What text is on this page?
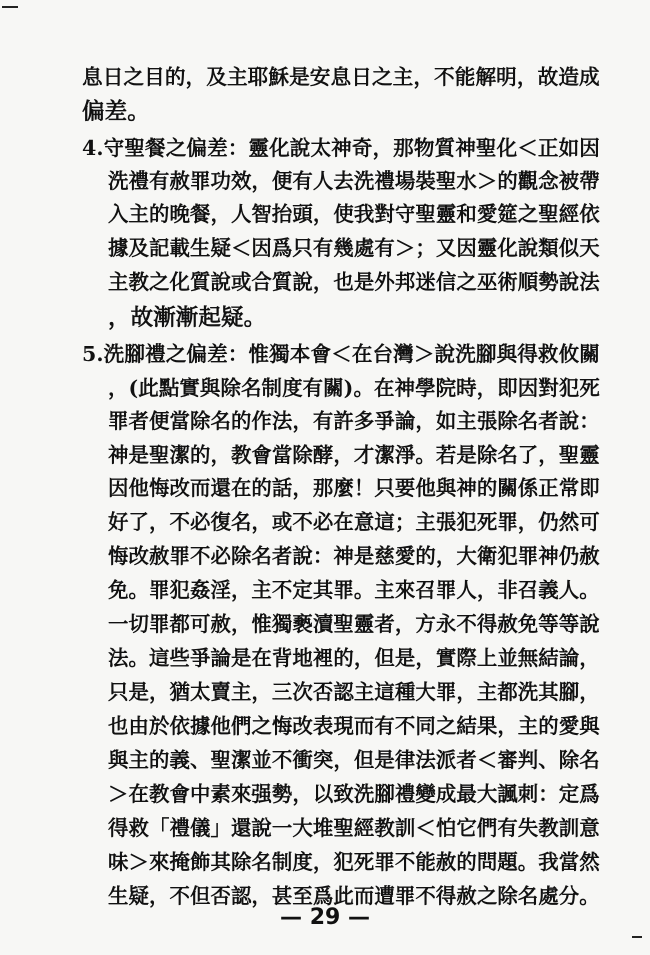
息日之目的，及主耶穌是安息日之主，不能解明，故造成
偏差。
4.守聖餐之偏差：靈化說太神奇，那物質神聖化＜正如因
洗禮有赦罪功效，便有人去洗禮場裝聖水＞的觀念被帶
入主的晚餐，人智抬頭，使我對守聖靈和愛筵之聖經依
據及記載生疑＜因爲只有幾處有＞；又因靈化說類似天
主教之化質說或合質說，也是外邦迷信之巫術順勢說法
，故漸漸起疑。
5.洗腳禮之偏差：惟獨本會＜在台灣＞說洗腳與得救攸關
，(此點實與除名制度有關)。在神學院時，即因對犯死
罪者便當除名的作法，有許多爭論，如主張除名者說：
神是聖潔的，教會當除酵，才潔淨。若是除名了，聖靈
因他悔改而還在的話，那麼！只要他與神的關係正常即
好了，不必復名，或不必在意這；主張犯死罪，仍然可
悔改赦罪不必除名者說：神是慈愛的，大衛犯罪神仍赦
免。罪犯姦淫，主不定其罪。主來召罪人，非召義人。
一切罪都可赦，惟獨褻瀆聖靈者，方永不得赦免等等說
法。這些爭論是在背地裡的，但是，實際上並無結論，
只是，猶太賣主，三次否認主這種大罪，主都洗其腳，
也由於依據他們之悔改表現而有不同之結果，主的愛與
與主的義、聖潔並不衝突，但是律法派者＜審判、除名
＞在教會中素來强勢，以致洗腳禮變成最大諷刺：定爲
得救「禮儀」還說一大堆聖經教訓＜怕它們有失教訓意
味＞來掩飾其除名制度，犯死罪不能赦的問題。我當然
生疑，不但否認，甚至爲此而遭罪不得赦之除名處分。
— 29 —
